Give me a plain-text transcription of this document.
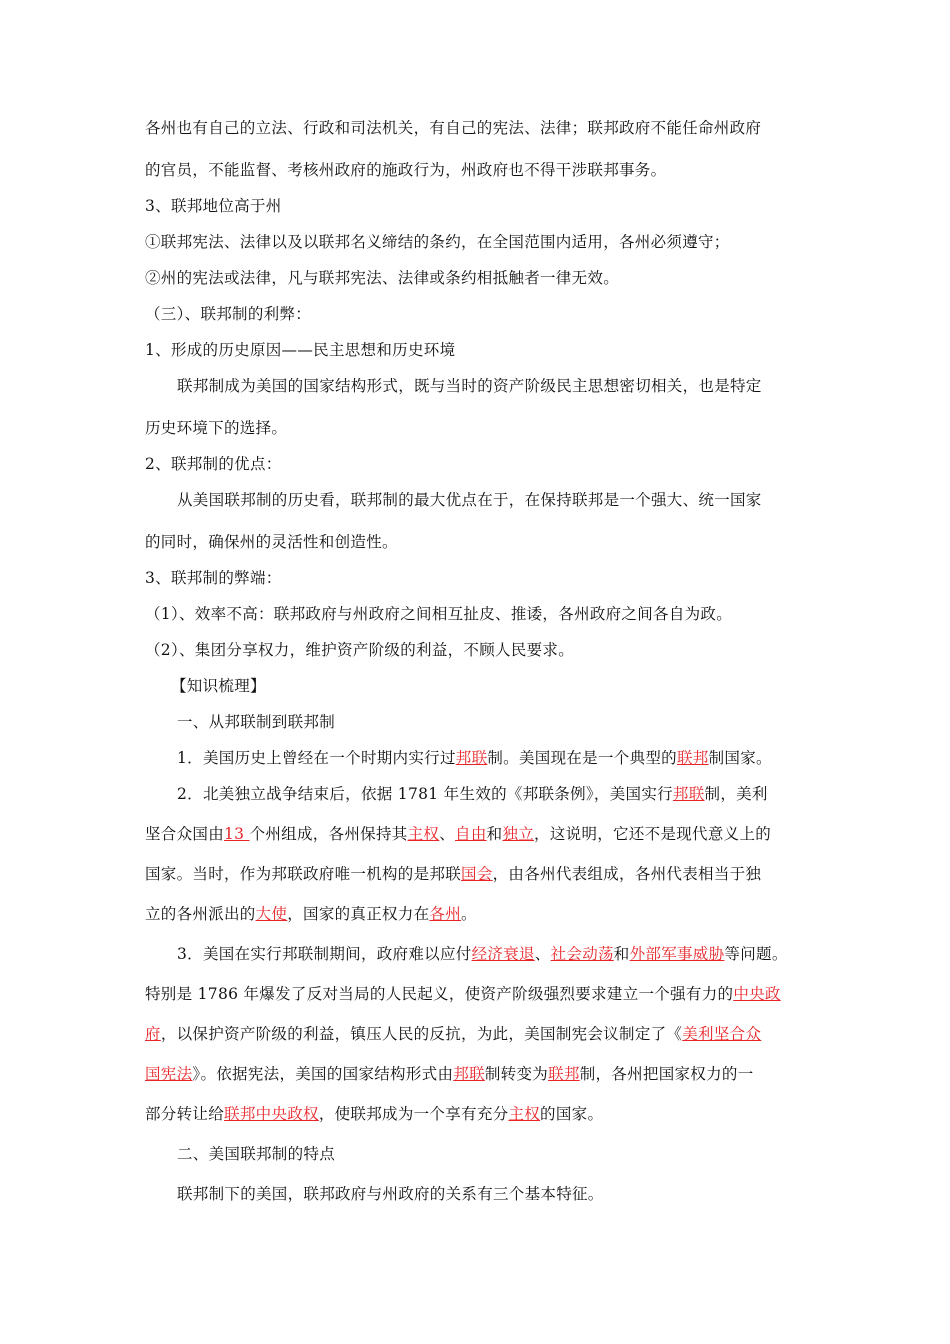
各州也有自己的立法、行政和司法机关，有自己的宪法、法律；联邦政府不能任命州政府
的官员，不能监督、考核州政府的施政行为，州政府也不得干涉联邦事务。
3、联邦地位高于州
①联邦宪法、法律以及以联邦名义缔结的条约，在全国范围内适用，各州必须遵守；
②州的宪法或法律，凡与联邦宪法、法律或条约相抵触者一律无效。
（三）、联邦制的利弊：
1、形成的历史原因——民主思想和历史环境
联邦制成为美国的国家结构形式，既与当时的资产阶级民主思想密切相关，也是特定
历史环境下的选择。
2、联邦制的优点：
从美国联邦制的历史看，联邦制的最大优点在于，在保持联邦是一个强大、统一国家
的同时，确保州的灵活性和创造性。
3、联邦制的弊端：
（1）、效率不高：联邦政府与州政府之间相互扯皮、推诿，各州政府之间各自为政。
（2）、集团分享权力，维护资产阶级的利益，不顾人民要求。
【知识梳理】
一、从邦联制到联邦制
1．美国历史上曾经在一个时期内实行过邦联制。美国现在是一个典型的联邦制国家。
2．北美独立战争结束后，依据 1781 年生效的《邦联条例》，美国实行邦联制，美利
坚合众国由13 个州组成，各州保持其主权、自由和独立，这说明，它还不是现代意义上的
国家。当时，作为邦联政府唯一机构的是邦联国会，由各州代表组成，各州代表相当于独
立的各州派出的大使，国家的真正权力在各州。
3．美国在实行邦联制期间，政府难以应付经济衰退、社会动荡和外部军事威胁等问题。
特别是 1786 年爆发了反对当局的人民起义，使资产阶级强烈要求建立一个强有力的中央政
府，以保护资产阶级的利益，镇压人民的反抗，为此，美国制宪会议制定了《美利坚合众
国宪法》。依据宪法，美国的国家结构形式由邦联制转变为联邦制，各州把国家权力的一
部分转让给联邦中央政权，使联邦成为一个享有充分主权的国家。
二、美国联邦制的特点
联邦制下的美国，联邦政府与州政府的关系有三个基本特征。
